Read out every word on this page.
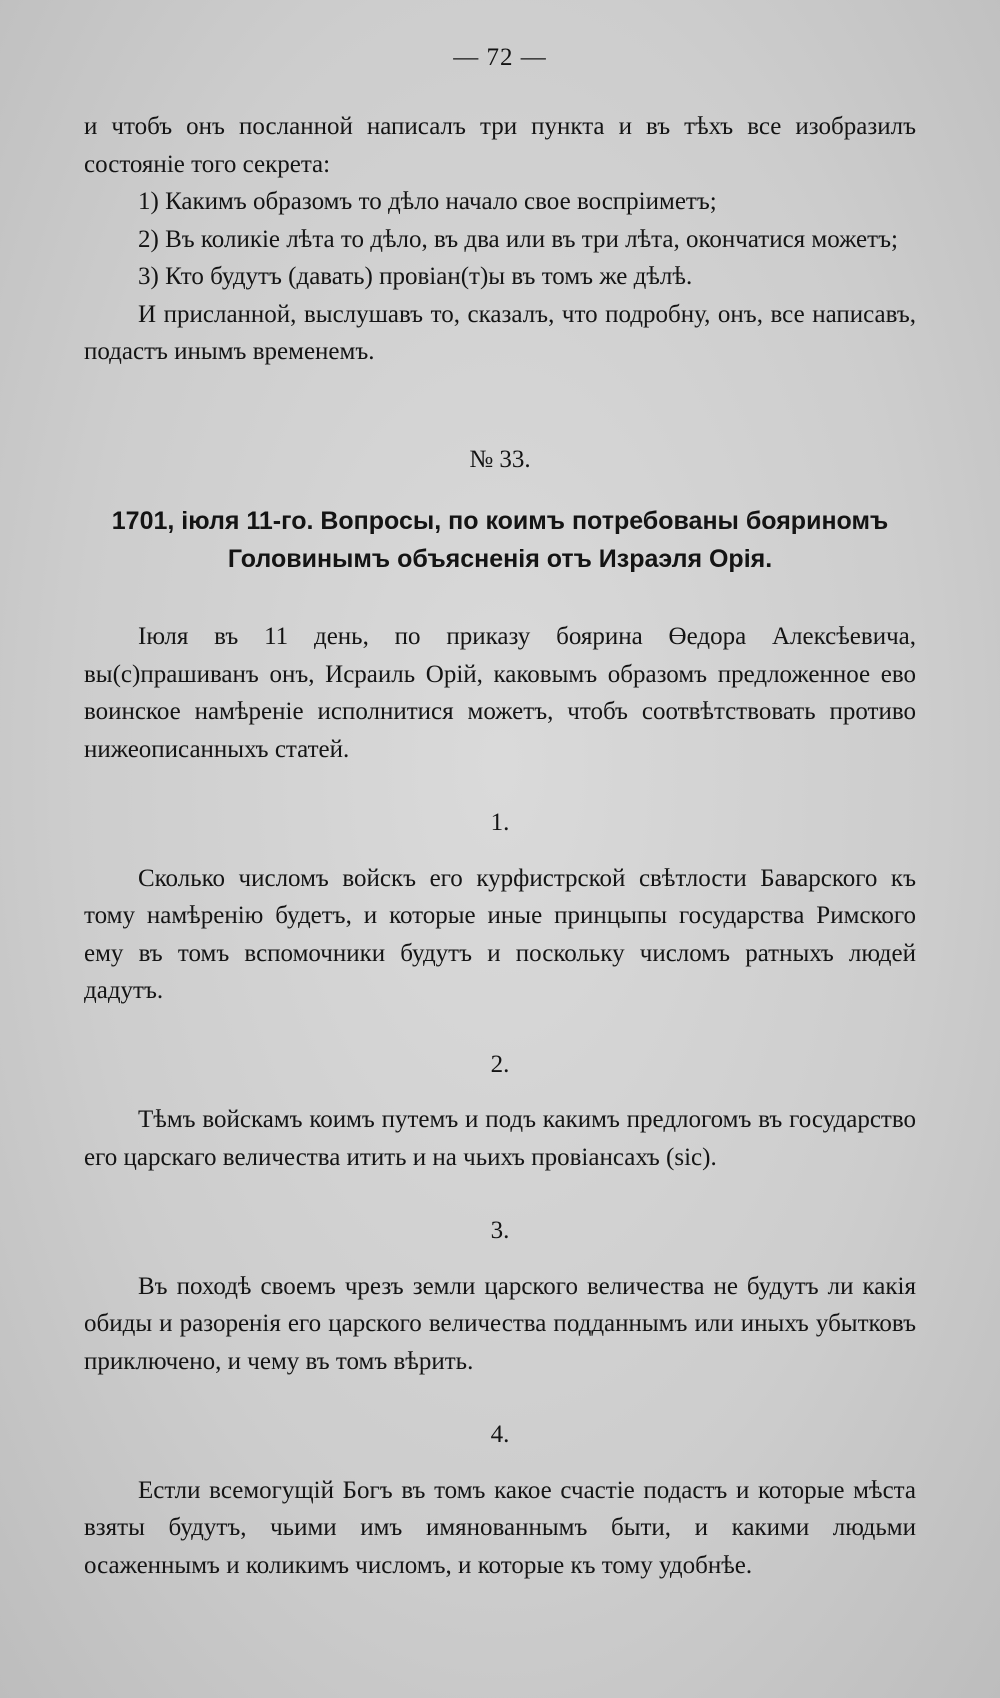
— 72 —

и чтобъ онъ посланной написалъ три пункта и въ тѣхъ все изобразилъ состоянiе того секрета:

1) Какимъ образомъ то дѣло начало свое воспрiиметъ;

2) Въ коликiе лѣта то дѣло, въ два или въ три лѣта, окончатися можетъ;

3) Кто будутъ (давать) провiан(т)ы въ томъ же дѣлѣ.

И присланной, выслушавъ то, сказалъ, что подробну, онъ, все написавъ, подастъ инымъ временемъ.

№ 33.

1701, iюля 11-го. Вопросы, по коимъ потребованы бояриномъ Головинымъ объясненiя отъ Израэля Орiя.

Iюля въ 11 день, по приказу боярина Өедора Алексѣевича, вы(с)прашиванъ онъ, Исраиль Орiй, каковымъ образомъ предложенное ево воинское намѣренiе исполнитися можетъ, чтобъ соотвѣтствовать противо нижеописанныхъ статей.

1.

Сколько числомъ войскъ его курфистрской свѣтлости Баварского къ тому намѣренiю будетъ, и которые иные принцыпы государства Римского ему въ томъ вспомочники будутъ и поскольку числомъ ратныхъ людей дадутъ.

2.

Тѣмъ войскамъ коимъ путемъ и подъ какимъ предлогомъ въ государство его царскаго величества итить и на чьихъ провiансахъ (sic).

3.

Въ походѣ своемъ чрезъ земли царского величества не будутъ ли какiя обиды и разоренiя его царского величества подданнымъ или иныхъ убытковъ приключено, и чему въ томъ вѣрить.

4.

Естли всемогущiй Богъ въ томъ какое счастiе подастъ и которые мѣста взяты будутъ, чьими имъ имянованнымъ быти, и какими людьми осаженнымъ и коликимъ числомъ, и которые къ тому удобнѣе.
